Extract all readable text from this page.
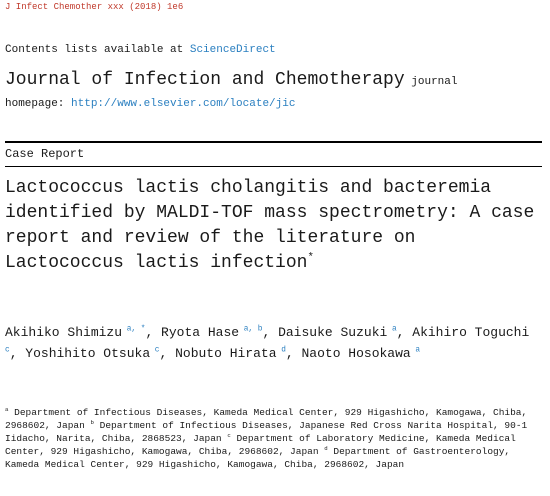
J Infect Chemother xxx (2018) 1e6
Contents lists available at ScienceDirect
Journal of Infection and Chemotherapy journal
homepage: http://www.elsevier.com/locate/jic
Case Report
Lactococcus lactis cholangitis and bacteremia identified by MALDI-TOF mass spectrometry: A case report and review of the literature on Lactococcus lactis infection*
Akihiko Shimizu $^{a, *}$, Ryota Hase $^{a, b}$, Daisuke Suzuki $^a$, Akihiro Toguchi $^c$, Yoshihito Otsuka $^c$, Nobuto Hirata $^d$, Naoto Hosokawa $^a$
$^a$ Department of Infectious Diseases, Kameda Medical Center, 929 Higashicho, Kamogawa, Chiba, 2968602, Japan $^b$ Department of Infectious Diseases, Japanese Red Cross Narita Hospital, 90-1 Iidacho, Narita, Chiba, 2868523, Japan $^c$ Department of Laboratory Medicine, Kameda Medical Center, 929 Higashicho, Kamogawa, Chiba, 2968602, Japan $^d$ Department of Gastroenterology, Kameda Medical Center, 929 Higashicho, Kamogawa, Chiba, 2968602, Japan
